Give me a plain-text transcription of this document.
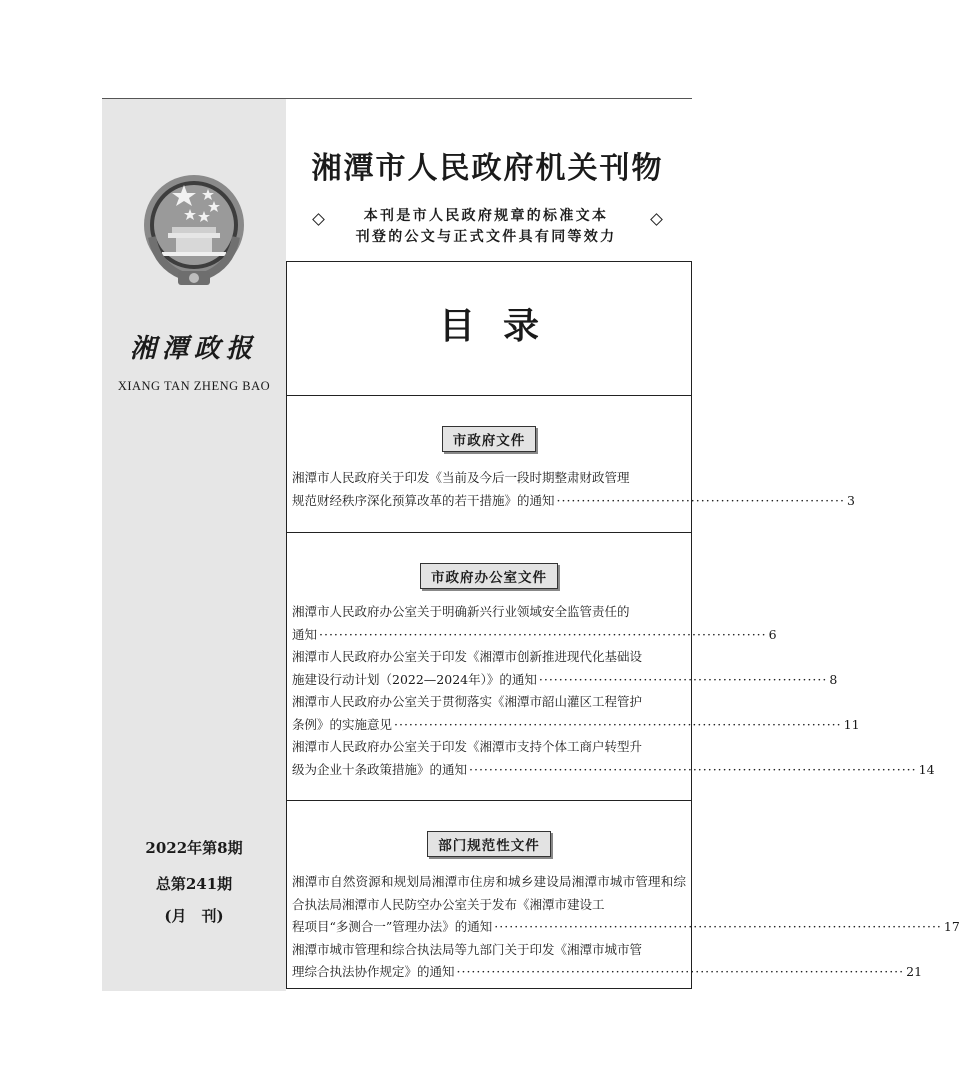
湘潭政报
XIANG TAN ZHENG BAO
2022年第8期
总第241期
(月　刊)
湘潭市人民政府机关刊物
本刊是市人民政府规章的标准文本
刊登的公文与正式文件具有同等效力
目录
市政府文件
湘潭市人民政府关于印发《当前及今后一段时期整肃财政管理
规范财经秩序深化预算改革的若干措施》的通知 ·························································· 3
市政府办公室文件
湘潭市人民政府办公室关于明确新兴行业领域安全监管责任的
通知 ·························································································· 6
湘潭市人民政府办公室关于印发《湘潭市创新推进现代化基础设
施建设行动计划（2022—2024年）》的通知 ·························································· 8
湘潭市人民政府办公室关于贯彻落实《湘潭市韶山灌区工程管护
条例》的实施意见 ·························································································· 11
湘潭市人民政府办公室关于印发《湘潭市支持个体工商户转型升
级为企业十条政策措施》的通知 ·························································································· 14
部门规范性文件
湘潭市自然资源和规划局湘潭市住房和城乡建设局湘潭市城市管理和综合执法局湘潭市人民防空办公室关于发布《湘潭市建设工
程项目“多测合一”管理办法》的通知 ·························································································· 17
湘潭市城市管理和综合执法局等九部门关于印发《湘潭市城市管
理综合执法协作规定》的通知 ·························································································· 21
